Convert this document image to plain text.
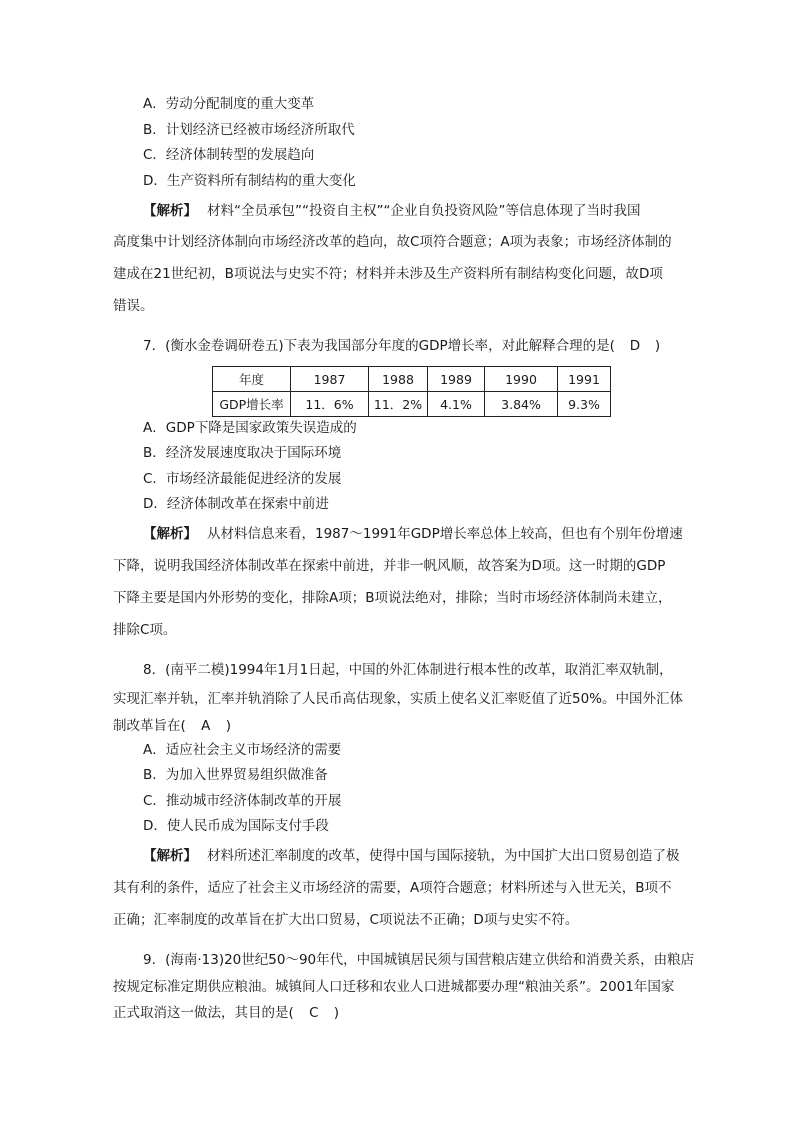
A．劳动分配制度的重大变革
B．计划经济已经被市场经济所取代
C．经济体制转型的发展趋向
D．生产资料所有制结构的重大变化
【解析】 材料“全员承包”“投资自主权”“企业自负投资风险”等信息体现了当时我国
高度集中计划经济体制向市场经济改革的趋向，故C项符合题意；A项为表象；市场经济体制的
建成在21世纪初，B项说法与史实不符；材料并未涉及生产资料所有制结构变化问题，故D项
错误。
7．(衡水金卷调研卷五)下表为我国部分年度的GDP增长率，对此解释合理的是( D )
年度	1987	1988	1989	1990	1991
GDP增长率	11．6%	11．2%	4.1%	3.84%	9.3%
A．GDP下降是国家政策失误造成的
B．经济发展速度取决于国际环境
C．市场经济最能促进经济的发展
D．经济体制改革在探索中前进
【解析】 从材料信息来看，1987～1991年GDP增长率总体上较高，但也有个别年份增速
下降，说明我国经济体制改革在探索中前进，并非一帆风顺，故答案为D项。这一时期的GDP
下降主要是国内外形势的变化，排除A项；B项说法绝对，排除；当时市场经济体制尚未建立，
排除C项。
8．(南平二模)1994年1月1日起，中国的外汇体制进行根本性的改革，取消汇率双轨制，
实现汇率并轨，汇率并轨消除了人民币高估现象，实质上使名义汇率贬值了近50%。中国外汇体
制改革旨在( A )
A．适应社会主义市场经济的需要
B．为加入世界贸易组织做准备
C．推动城市经济体制改革的开展
D．使人民币成为国际支付手段
【解析】 材料所述汇率制度的改革，使得中国与国际接轨，为中国扩大出口贸易创造了极
其有利的条件，适应了社会主义市场经济的需要，A项符合题意；材料所述与入世无关，B项不
正确；汇率制度的改革旨在扩大出口贸易，C项说法不正确；D项与史实不符。
9．(海南·13)20世纪50～90年代，中国城镇居民须与国营粮店建立供给和消费关系，由粮店
按规定标准定期供应粮油。城镇间人口迁移和农业人口进城都要办理“粮油关系”。2001年国家
正式取消这一做法，其目的是( C )
